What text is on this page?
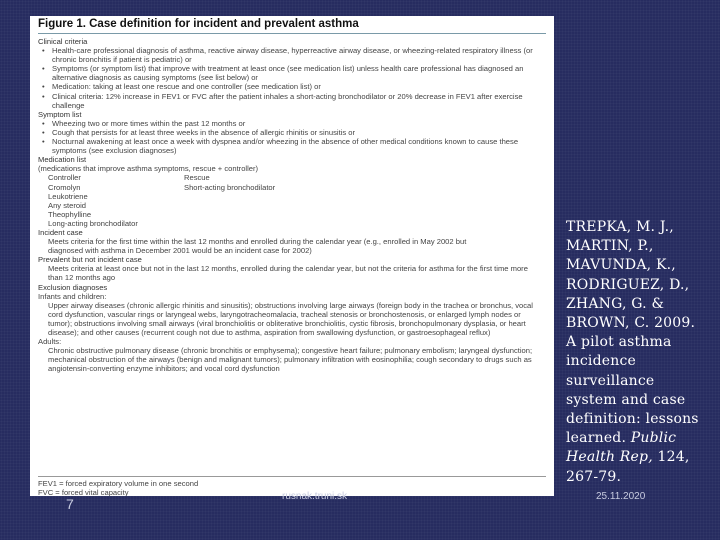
Figure 1. Case definition for incident and prevalent asthma
Clinical criteria
• Health-care professional diagnosis of asthma, reactive airway disease, hyperreactive airway disease, or wheezing-related respiratory illness (or chronic bronchitis if patient is pediatric) or
• Symptoms (or symptom list) that improve with treatment at least once (see medication list) unless health care professional has diagnosed an alternative diagnosis as causing symptoms (see list below) or
• Medication: taking at least one rescue and one controller (see medication list) or
• Clinical criteria: 12% increase in FEV1 or FVC after the patient inhales a short-acting bronchodilator or 20% decrease in FEV1 after exercise challenge
Symptom list
• Wheezing two or more times within the past 12 months or
• Cough that persists for at least three weeks in the absence of allergic rhinitis or sinusitis or
• Nocturnal awakening at least once a week with dyspnea and/or wheezing in the absence of other medical conditions known to cause these symptoms (see exclusion diagnoses)
Medication list
(medications that improve asthma symptoms, rescue + controller)
Controller	Rescue
Cromolyn	Short-acting bronchodilator
Leukotriene
Any steroid
Theophylline
Long-acting bronchodilator
Incident case
Meets criteria for the first time within the last 12 months and enrolled during the calendar year (e.g., enrolled in May 2002 but
diagnosed with asthma in December 2001 would be an incident case for 2002)
Prevalent but not incident case
Meets criteria at least once but not in the last 12 months, enrolled during the calendar year, but not the criteria for asthma for the first time more
than 12 months ago
Exclusion diagnoses
Infants and children:
Upper airway diseases (chronic allergic rhinitis and sinusitis); obstructions involving large airways (foreign body in the trachea or bronchus, vocal cord dysfunction, vascular rings or laryngeal webs, laryngotracheomalacia, tracheal stenosis or bronchostenosis, or enlarged lymph nodes or tumor); obstructions involving small airways (viral bronchiolitis or obliterative bronchiolitis, cystic fibrosis, bronchopulmonary dysplasia, or heart disease); and other causes (recurrent cough not due to asthma, aspiration from swallowing dysfunction, or gastroesophageal reflux)
Adults:
Chronic obstructive pulmonary disease (chronic bronchitis or emphysema); congestive heart failure; pulmonary embolism; laryngeal dysfunction; mechanical obstruction of the airways (benign and malignant tumors); pulmonary infiltration with eosinophilia; cough secondary to drugs such as angiotensin-converting enzyme inhibitors; and vocal cord dysfunction
FEV1 = forced expiratory volume in one second
FVC = forced vital capacity
TREPKA, M. J., MARTIN, P., MAVUNDA, K., RODRIGUEZ, D., ZHANG, G. & BROWN, C. 2009. A pilot asthma incidence surveillance system and case definition: lessons learned. Public Health Rep, 124, 267-79.
7	rusnak.truni.sk	25.11.2020
